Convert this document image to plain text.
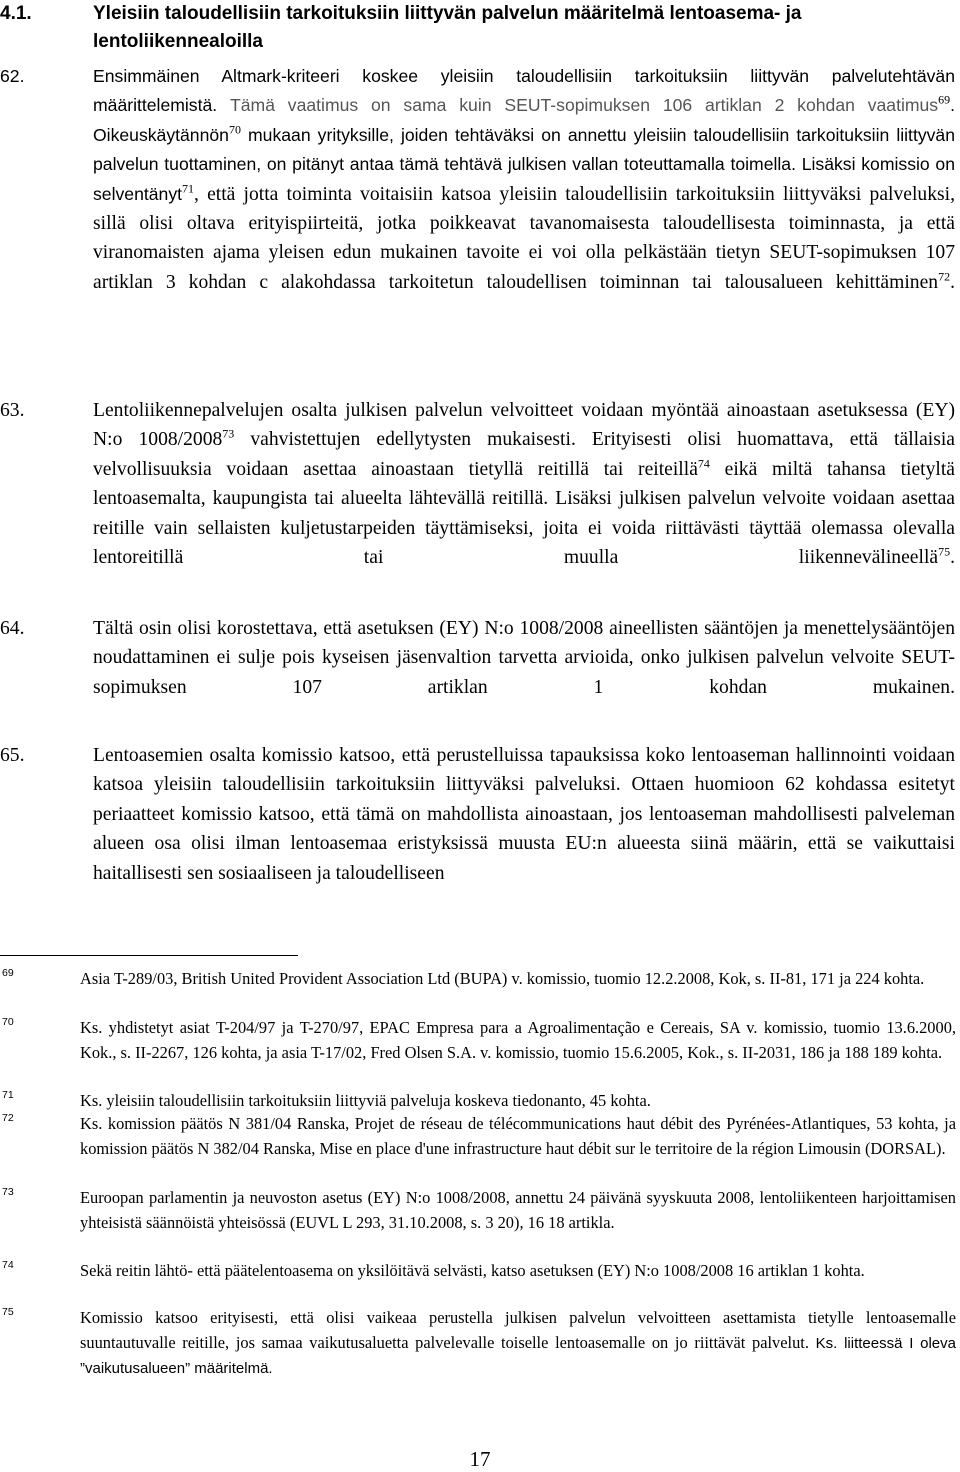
4.1.	Yleisiin taloudellisiin tarkoituksiin liittyvän palvelun määritelmä lentoasema- ja lentoliikennealoilla
62.	Ensimmäinen Altmark-kriteeri koskee yleisiin taloudellisiin tarkoituksiin liittyvän palvelutehtävän määrittelemistä. Tämä vaatimus on sama kuin SEUT-sopimuksen 106 artiklan 2 kohdan vaatimus$^{69}$. Oikeuskäytännön$^{70}$ mukaan yrityksille, joiden tehtäväksi on annettu yleisiin taloudellisiin tarkoituksiin liittyvän palvelun tuottaminen, on pitänyt antaa tämä tehtävä julkisen vallan toteuttamalla toimella. Lisäksi komissio on selventänyt$^{71}$, että jotta toiminta voitaisiin katsoa yleisiin taloudellisiin tarkoituksiin liittyväksi palveluksi, sillä olisi oltava erityispiirteitä, jotka poikkeavat tavanomaisesta taloudellisesta toiminnasta, ja että viranomaisten ajama yleisen edun mukainen tavoite ei voi olla pelkästään tietyn SEUT-sopimuksen 107 artiklan 3 kohdan c alakohdassa tarkoitetun taloudellisen toiminnan tai talousalueen kehittäminen$^{72}$.
63.	Lentoliikennepalvelujen osalta julkisen palvelun velvoitteet voidaan myöntää ainoastaan asetuksessa (EY) N:o 1008/2008$^{73}$ vahvistettujen edellytysten mukaisesti. Erityisesti olisi huomattava, että tällaisia velvollisuuksia voidaan asettaa ainoastaan tietyllä reitillä tai reiteillä$^{74}$ eikä miltä tahansa tietyltä lentoasemalta, kaupungista tai alueelta lähtevällä reitillä. Lisäksi julkisen palvelun velvoite voidaan asettaa reitille vain sellaisten kuljetustarpeiden täyttämiseksi, joita ei voida riittävästi täyttää olemassa olevalla lentoreitillä tai muulla liikennevälineellä$^{75}$.
64.	Tältä osin olisi korostettava, että asetuksen (EY) N:o 1008/2008 aineellisten sääntöjen ja menettelysääntöjen noudattaminen ei sulje pois kyseisen jäsenvaltion tarvetta arvioida, onko julkisen palvelun velvoite SEUT-sopimuksen 107 artiklan 1 kohdan mukainen.
65.	Lentoasemien osalta komissio katsoo, että perustelluissa tapauksissa koko lentoaseman hallinnointi voidaan katsoa yleisiin taloudellisiin tarkoituksiin liittyväksi palveluksi. Ottaen huomioon 62 kohdassa esitetyt periaatteet komissio katsoo, että tämä on mahdollista ainoastaan, jos lentoaseman mahdollisesti palveleman alueen osa olisi ilman lentoasemaa eristyksissä muusta EU:n alueesta siinä määrin, että se vaikuttaisi haitallisesti sen sosiaaliseen ja taloudelliseen
69	Asia T-289/03, British United Provident Association Ltd (BUPA) v. komissio, tuomio 12.2.2008, Kok, s. II-81, 171 ja 224 kohta.
70	Ks. yhdistetyt asiat T-204/97 ja T-270/97, EPAC Empresa para a Agroalimentação e Cereais, SA v. komissio, tuomio 13.6.2000, Kok., s. II-2267, 126 kohta, ja asia T-17/02, Fred Olsen S.A. v. komissio, tuomio 15.6.2005, Kok., s. II-2031, 186 ja 188 189 kohta.
71	Ks. yleisiin taloudellisiin tarkoituksiin liittyviä palveluja koskeva tiedonanto, 45 kohta.
72	Ks. komission päätös N 381/04 Ranska, Projet de réseau de télécommunications haut débit des Pyrénées-Atlantiques, 53 kohta, ja komission päätös N 382/04 Ranska, Mise en place d'une infrastructure haut débit sur le territoire de la région Limousin (DORSAL).
73	Euroopan parlamentin ja neuvoston asetus (EY) N:o 1008/2008, annettu 24 päivänä syyskuuta 2008, lentoliikenteen harjoittamisen yhteisistä säännöistä yhteisössä (EUVL L 293, 31.10.2008, s. 3 20), 16 18 artikla.
74	Sekä reitin lähtö- että päätelentoasema on yksilöitävä selvästi, katso asetuksen (EY) N:o 1008/2008 16 artiklan 1 kohta.
75	Komissio katsoo erityisesti, että olisi vaikeaa perustella julkisen palvelun velvoitteen asettamista tietylle lentoasemalle suuntautuvalle reitille, jos samaa vaikutusaluetta palvelevalle toiselle lentoasemalle on jo riittävät palvelut. Ks. liitteessä I oleva ”vaikutusalueen” määritelmä.
17
